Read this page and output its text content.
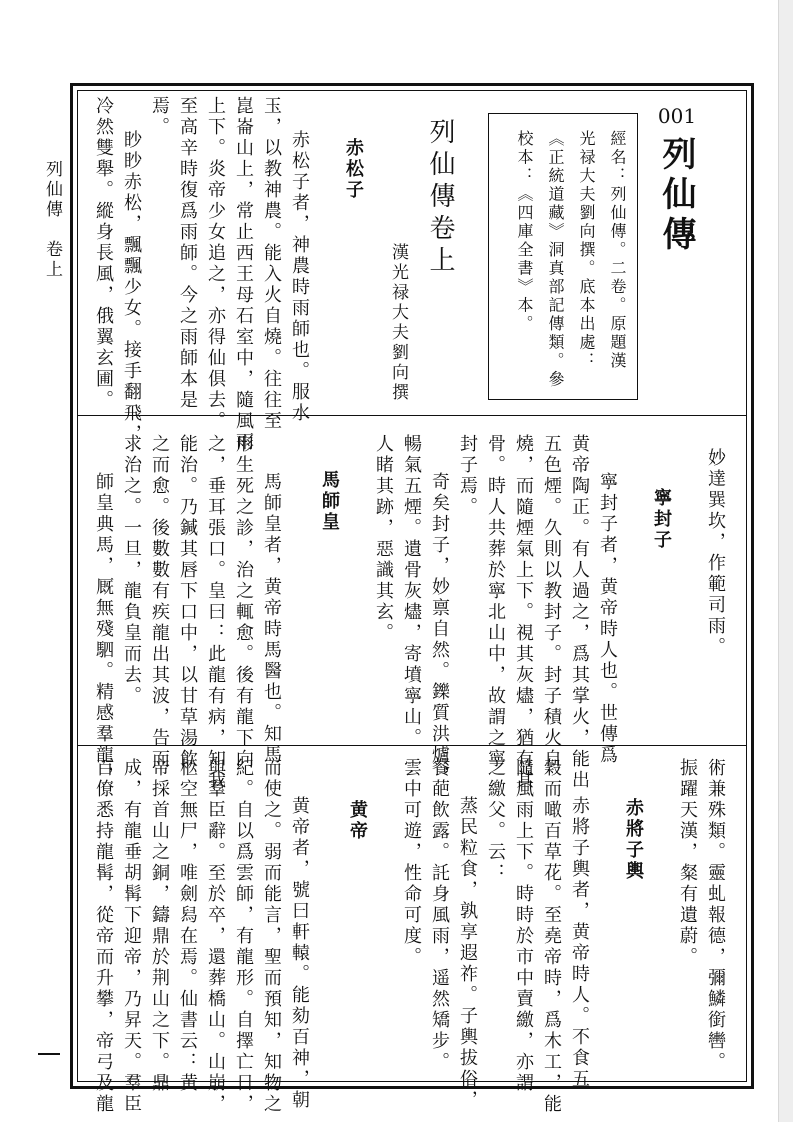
列仙傳　卷上
001
列仙傳
經名：列仙傳。二卷。原題漢
光禄大夫劉向撰。底本出處：
《正統道藏》洞真部記傳類。參
校本：《四庫全書》本。
列仙傳卷上
漢光禄大夫劉向撰
赤松子
赤松子者，神農時雨師也。服水
玉，以教神農。能入火自燒。往往至
崑崙山上，常止西王母石室中，隨風雨
上下。炎帝少女追之，亦得仙俱去。
至高辛時復爲雨師。今之雨師本是
焉。
眇眇赤松，飄飄少女。接手翻飛，
冷然雙舉。縱身長風，俄翼玄圃。
妙達巽坎，作範司雨。
寧封子
寧封子者，黄帝時人也。世傳爲
黄帝陶正。有人過之，爲其掌火，能出
五色煙。久則以教封子。封子積火自
燒，而隨煙氣上下。視其灰燼，猶有其
骨。時人共葬於寧北山中，故謂之寧
封子焉。
奇矣封子，妙禀自然。鑠質洪爐，
暢氣五煙。遺骨灰燼，寄墳寧山。
人睹其跡，惡識其玄。
馬師皇
馬師皇者，黄帝時馬醫也。知馬
形生死之診，治之輒愈。後有龍下向
之，垂耳張口。皇曰：此龍有病，知我
能治。乃鍼其唇下口中，以甘草湯飲
之而愈。後數數有疾龍出其波，告而
求治之。一旦，龍負皇而去。
師皇典馬，厩無殘駟。精感羣龍，
術兼殊類。靈虬報德，彌鱗銜轡。
振躍天漢，粲有遺蔚。
赤將子輿
赤將子輿者，黄帝時人。不食五
穀而噉百草花。至堯帝時，爲木工，能
隨風雨上下。時時於市中賣繳，亦謂
之繳父。云：
蒸民粒食，孰享遐祚。子輿拔俗，
餐葩飲露。託身風雨，遥然矯步。
雲中可遊，性命可度。
黄帝
黄帝者，號曰軒轅。能劾百神，朝
而使之。弱而能言，聖而預知，知物之
紀。自以爲雲師，有龍形。自擇亡日，
與羣臣辭。至於卒，還葬橋山。山崩，
柩空無尸，唯劍舄在焉。仙書云：黄
帝採首山之銅，鑄鼎於荆山之下。鼎
成，有龍垂胡髯下迎帝，乃昇天。羣臣
百僚悉持龍髯，從帝而升攀，帝弓及龍
